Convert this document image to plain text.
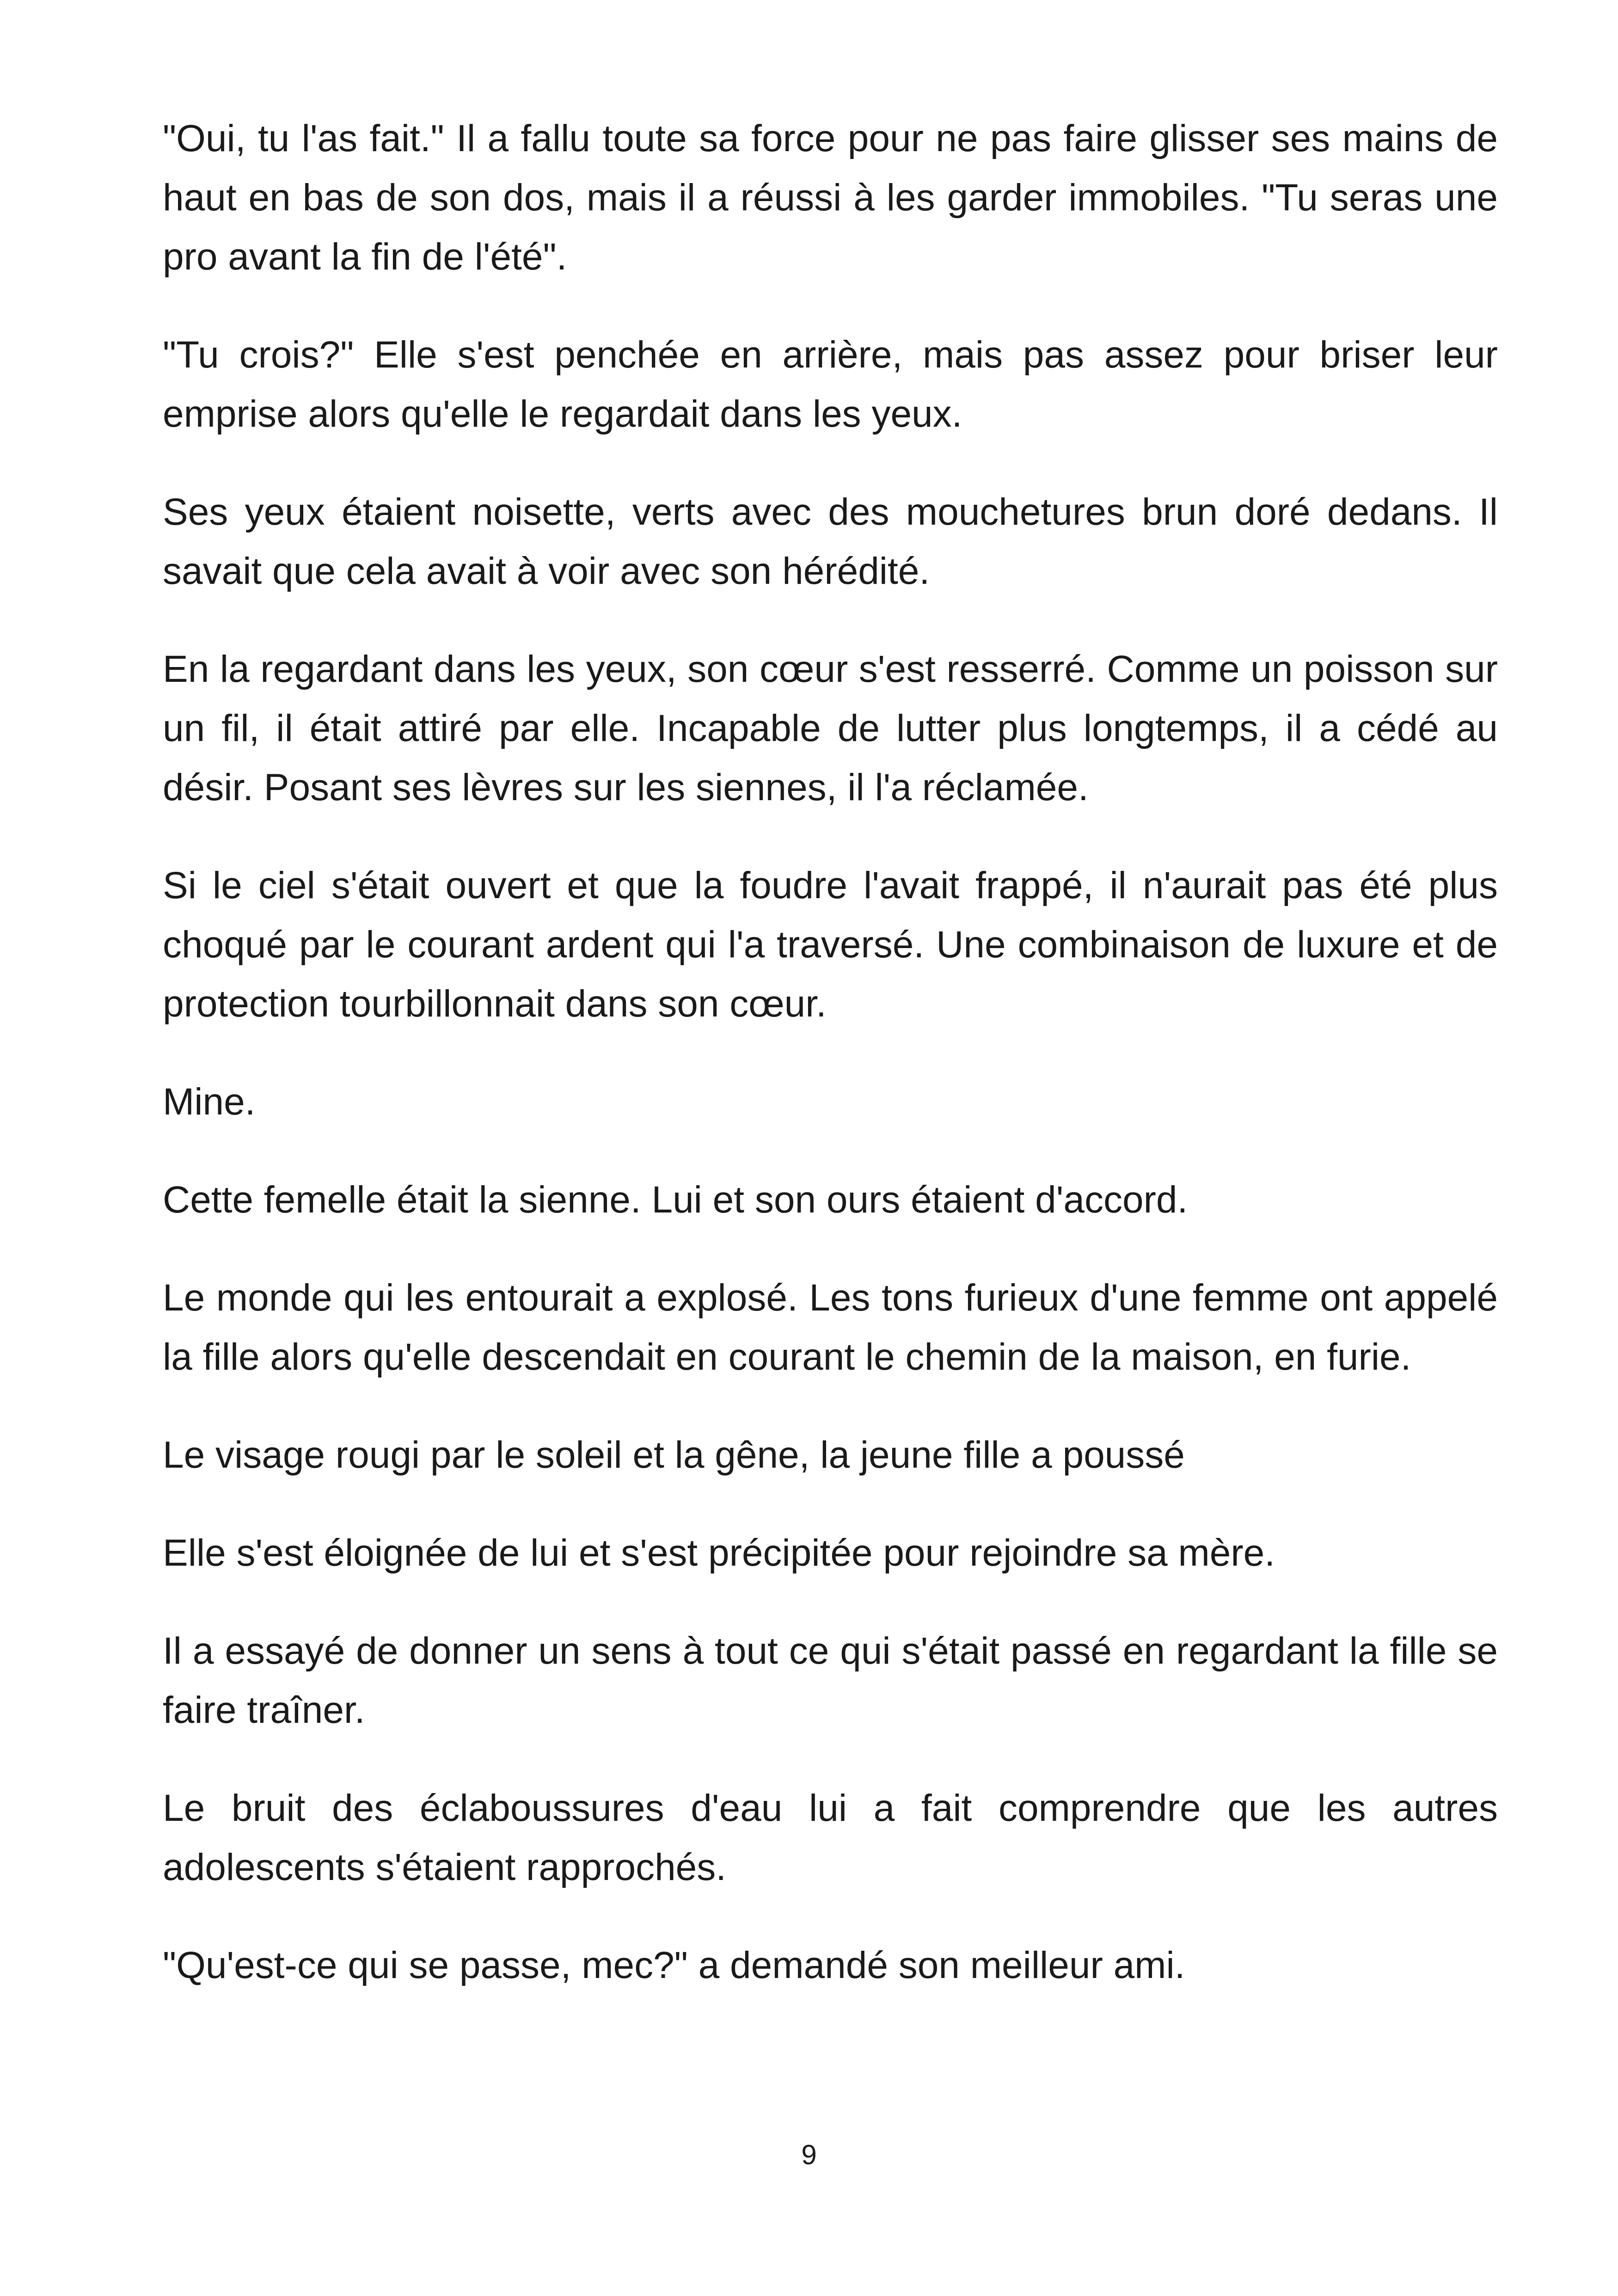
"Oui, tu l'as fait." Il a fallu toute sa force pour ne pas faire glisser ses mains de haut en bas de son dos, mais il a réussi à les garder immobiles. "Tu seras une pro avant la fin de l'été".

"Tu crois?" Elle s'est penchée en arrière, mais pas assez pour briser leur emprise alors qu'elle le regardait dans les yeux.

Ses yeux étaient noisette, verts avec des mouchetures brun doré dedans. Il savait que cela avait à voir avec son hérédité.

En la regardant dans les yeux, son cœur s'est resserré. Comme un poisson sur un fil, il était attiré par elle. Incapable de lutter plus longtemps, il a cédé au désir. Posant ses lèvres sur les siennes, il l'a réclamée.

Si le ciel s'était ouvert et que la foudre l'avait frappé, il n'aurait pas été plus choqué par le courant ardent qui l'a traversé. Une combinaison de luxure et de protection tourbillonnait dans son cœur.

Mine.

Cette femelle était la sienne. Lui et son ours étaient d'accord.

Le monde qui les entourait a explosé. Les tons furieux d'une femme ont appelé la fille alors qu'elle descendait en courant le chemin de la maison, en furie.

Le visage rougi par le soleil et la gêne, la jeune fille a poussé

Elle s'est éloignée de lui et s'est précipitée pour rejoindre sa mère.

Il a essayé de donner un sens à tout ce qui s'était passé en regardant la fille se faire traîner.

Le bruit des éclaboussures d'eau lui a fait comprendre que les autres adolescents s'étaient rapprochés.

"Qu'est-ce qui se passe, mec?" a demandé son meilleur ami.

9
